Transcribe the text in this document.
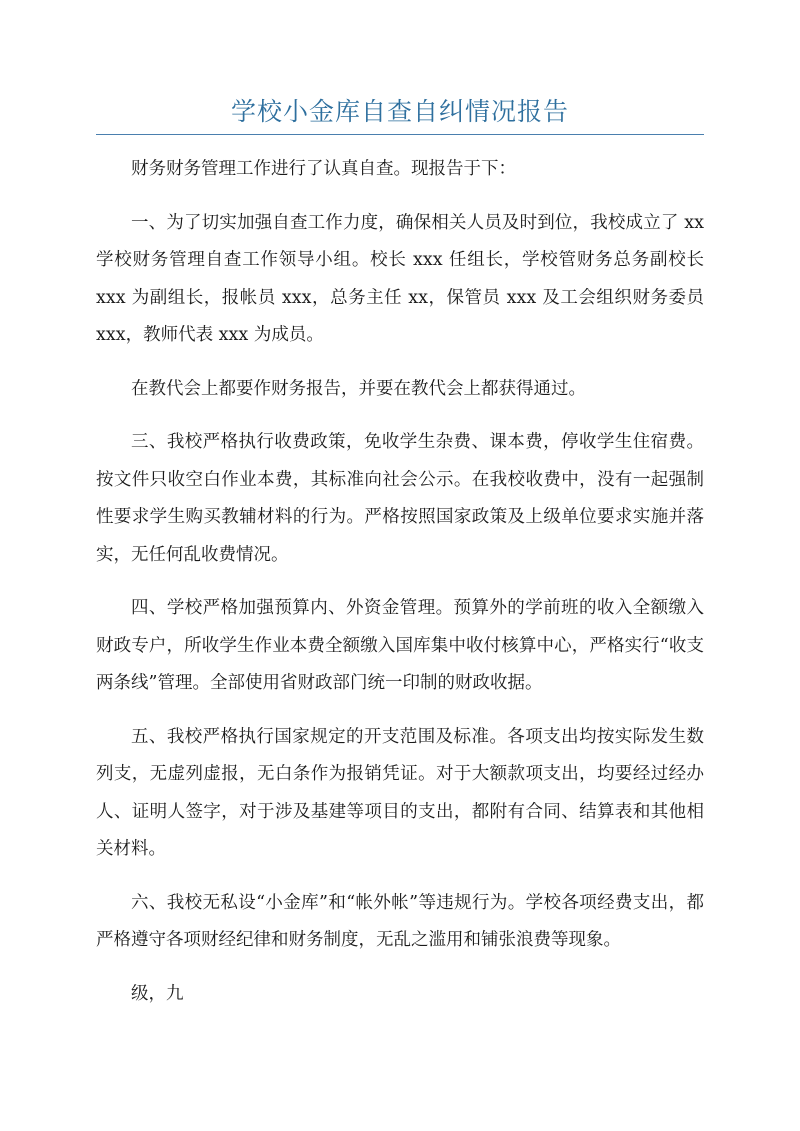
学校小金库自查自纠情况报告

财务财务管理工作进行了认真自查。现报告于下：

一、为了切实加强自查工作力度，确保相关人员及时到位，我校成立了 xx 学校财务管理自查工作领导小组。校长 xxx 任组长，学校管财务总务副校长 xxx 为副组长，报帐员 xxx，总务主任 xx，保管员 xxx 及工会组织财务委员 xxx，教师代表 xxx 为成员。

在教代会上都要作财务报告，并要在教代会上都获得通过。

三、我校严格执行收费政策，免收学生杂费、课本费，停收学生住宿费。按文件只收空白作业本费，其标准向社会公示。在我校收费中，没有一起强制性要求学生购买教辅材料的行为。严格按照国家政策及上级单位要求实施并落实，无任何乱收费情况。

四、学校严格加强预算内、外资金管理。预算外的学前班的收入全额缴入财政专户，所收学生作业本费全额缴入国库集中收付核算中心，严格实行“收支两条线”管理。全部使用省财政部门统一印制的财政收据。

五、我校严格执行国家规定的开支范围及标准。各项支出均按实际发生数列支，无虚列虚报，无白条作为报销凭证。对于大额款项支出，均要经过经办人、证明人签字，对于涉及基建等项目的支出，都附有合同、结算表和其他相关材料。

六、我校无私设“小金库”和“帐外帐”等违规行为。学校各项经费支出，都严格遵守各项财经纪律和财务制度，无乱之滥用和铺张浪费等现象。

级，九
